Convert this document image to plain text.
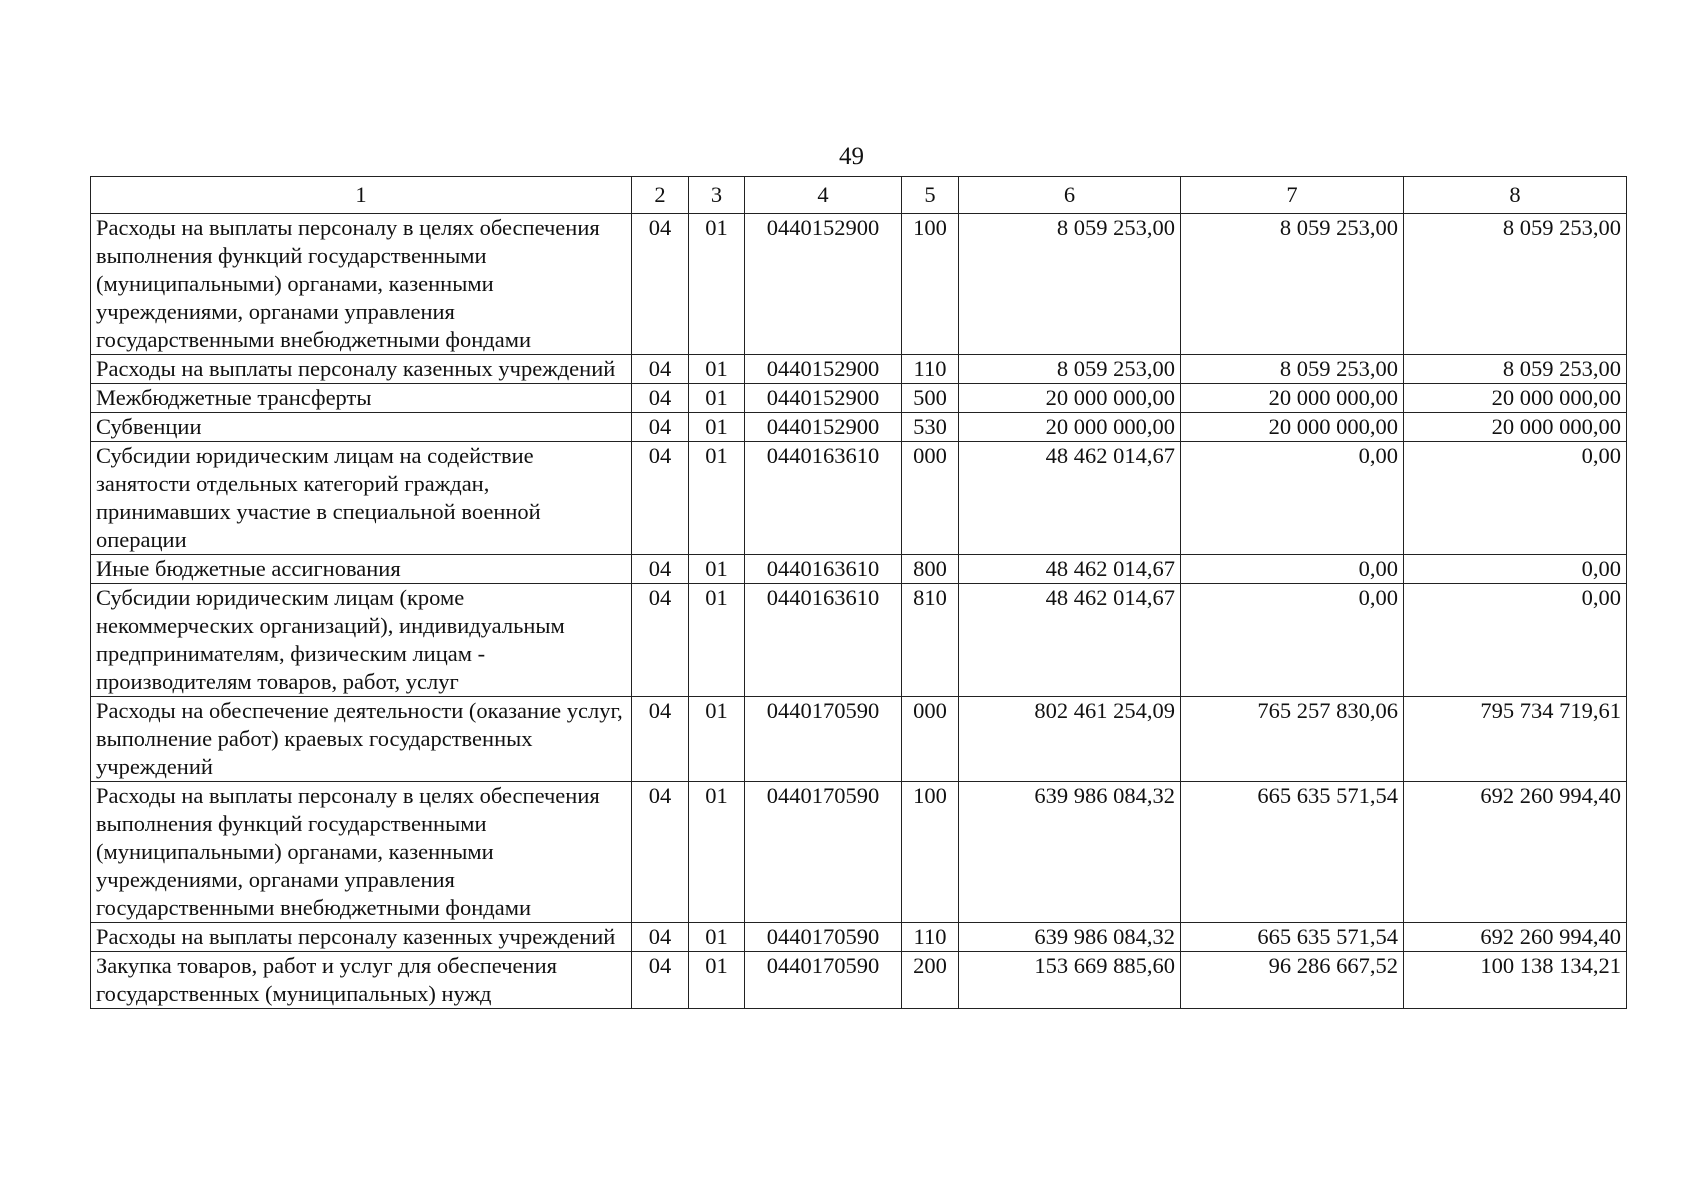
49
1	2	3	4	5	6	7	8
Расходы на выплаты персоналу в целях обеспечения выполнения функций государственными (муниципальными) органами, казенными учреждениями, органами управления государственными внебюджетными фондами	04	01	0440152900	100	8 059 253,00	8 059 253,00	8 059 253,00
Расходы на выплаты персоналу казенных учреждений	04	01	0440152900	110	8 059 253,00	8 059 253,00	8 059 253,00
Межбюджетные трансферты	04	01	0440152900	500	20 000 000,00	20 000 000,00	20 000 000,00
Субвенции	04	01	0440152900	530	20 000 000,00	20 000 000,00	20 000 000,00
Субсидии юридическим лицам на содействие занятости отдельных категорий граждан, принимавших участие в специальной военной операции	04	01	0440163610	000	48 462 014,67	0,00	0,00
Иные бюджетные ассигнования	04	01	0440163610	800	48 462 014,67	0,00	0,00
Субсидии юридическим лицам (кроме некоммерческих организаций), индивидуальным предпринимателям, физическим лицам - производителям товаров, работ, услуг	04	01	0440163610	810	48 462 014,67	0,00	0,00
Расходы на обеспечение деятельности (оказание услуг, выполнение работ) краевых государственных учреждений	04	01	0440170590	000	802 461 254,09	765 257 830,06	795 734 719,61
Расходы на выплаты персоналу в целях обеспечения выполнения функций государственными (муниципальными) органами, казенными учреждениями, органами управления государственными внебюджетными фондами	04	01	0440170590	100	639 986 084,32	665 635 571,54	692 260 994,40
Расходы на выплаты персоналу казенных учреждений	04	01	0440170590	110	639 986 084,32	665 635 571,54	692 260 994,40
Закупка товаров, работ и услуг для обеспечения государственных (муниципальных) нужд	04	01	0440170590	200	153 669 885,60	96 286 667,52	100 138 134,21
